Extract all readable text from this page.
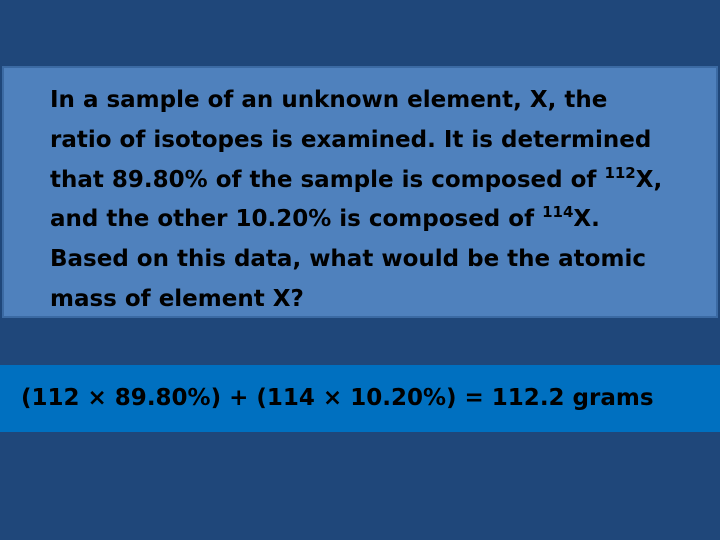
In a sample of an unknown element, X, the
ratio of isotopes is examined. It is determined
that 89.80% of the sample is composed of $^{112}$X,
and the other 10.20% is composed of $^{114}$X.
Based on this data, what would be the atomic
mass of element X?

(112 × 89.80%) + (114 × 10.20%) = 112.2 grams
